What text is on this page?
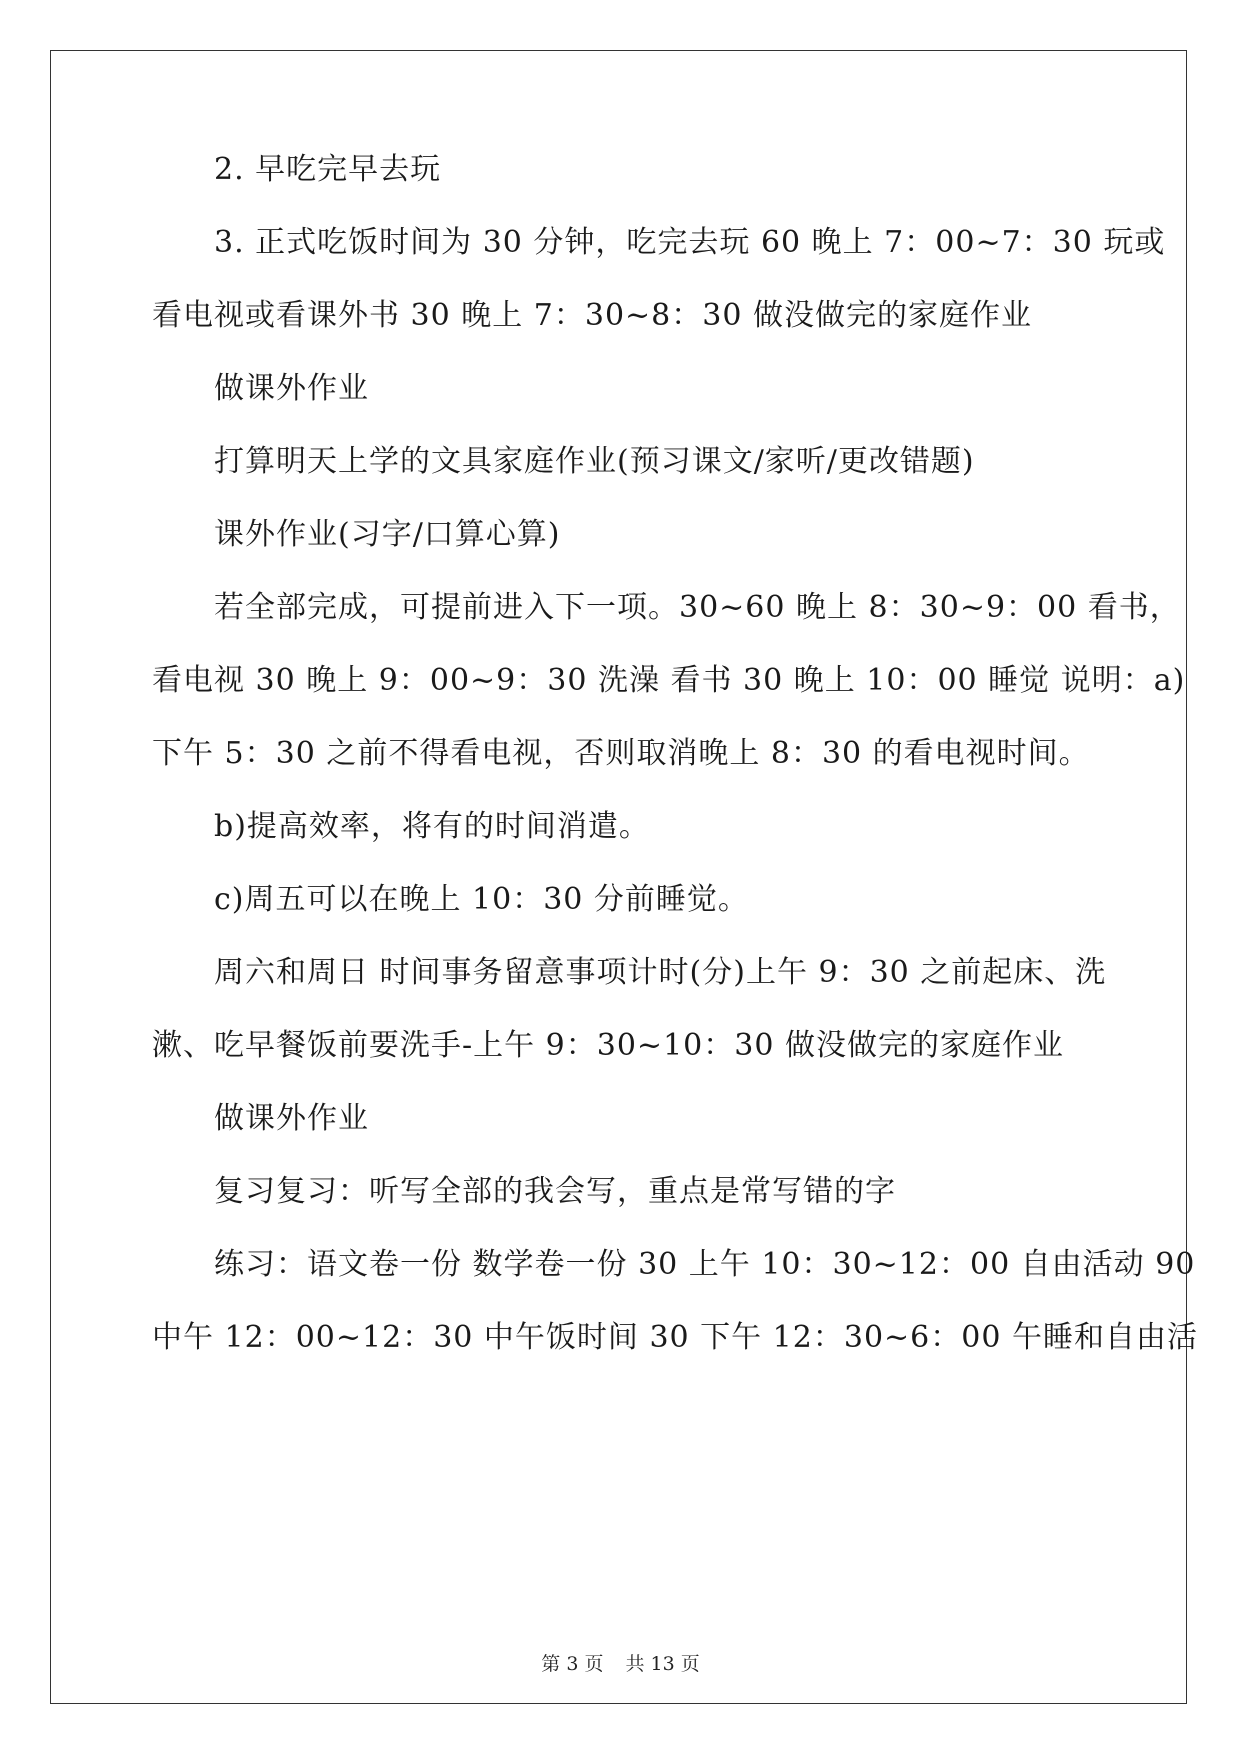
2. 早吃完早去玩
3. 正式吃饭时间为 30 分钟，吃完去玩 60 晚上 7：00~7：30 玩或
看电视或看课外书 30 晚上 7：30~8：30 做没做完的家庭作业
做课外作业
打算明天上学的文具家庭作业(预习课文/家听/更改错题)
课外作业(习字/口算心算)
若全部完成，可提前进入下一项。30~60 晚上 8：30~9：00 看书，
看电视 30 晚上 9：00~9：30 洗澡 看书 30 晚上 10：00 睡觉 说明：a)
下午 5：30 之前不得看电视，否则取消晚上 8：30 的看电视时间。
b)提高效率，将有的时间消遣。
c)周五可以在晚上 10：30 分前睡觉。
周六和周日 时间事务留意事项计时(分)上午 9：30 之前起床、洗
漱、吃早餐饭前要洗手-上午 9：30~10：30 做没做完的家庭作业
做课外作业
复习复习：听写全部的我会写，重点是常写错的字
练习：语文卷一份 数学卷一份 30 上午 10：30~12：00 自由活动 90
中午 12：00~12：30 中午饭时间 30 下午 12：30~6：00 午睡和自由活
第 3 页 共 13 页
